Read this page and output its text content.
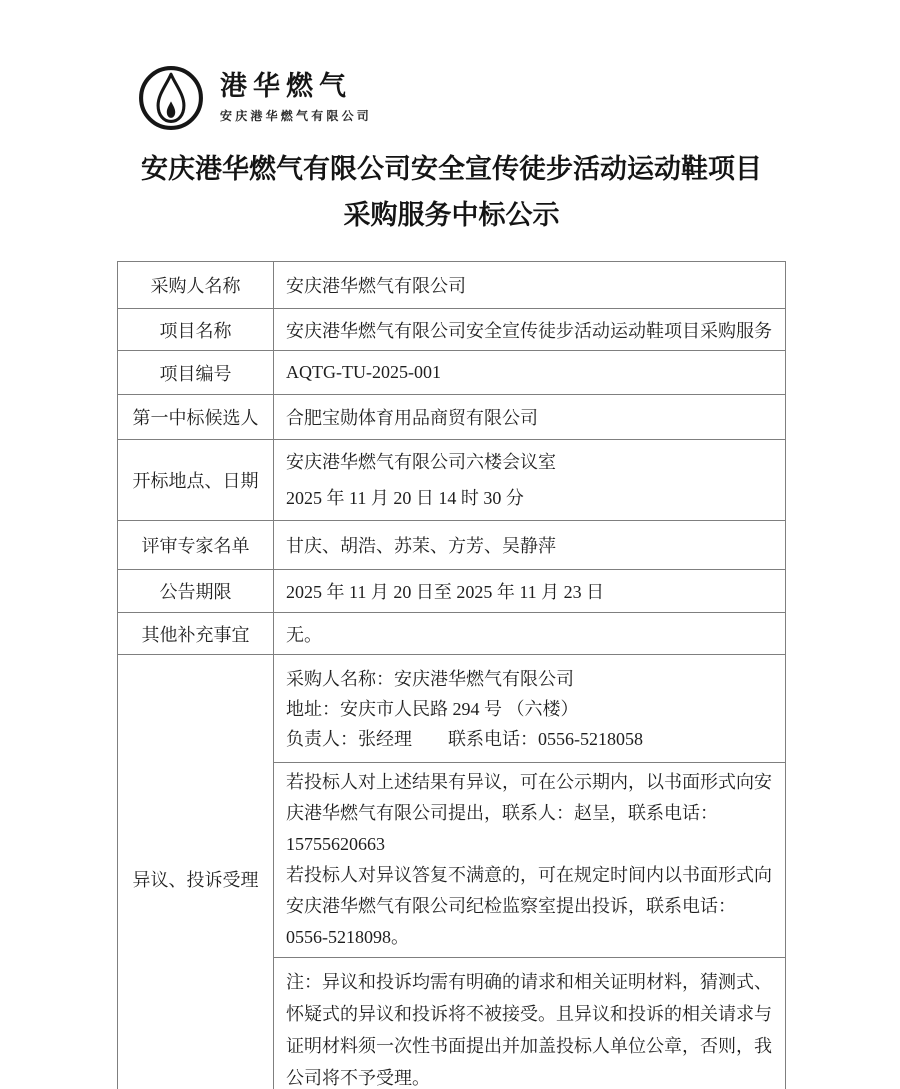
港华燃气
安庆港华燃气有限公司
安庆港华燃气有限公司安全宣传徒步活动运动鞋项目
采购服务中标公示
采购人名称	安庆港华燃气有限公司
项目名称	安庆港华燃气有限公司安全宣传徒步活动运动鞋项目采购服务
项目编号	AQTG-TU-2025-001
第一中标候选人	合肥宝勋体育用品商贸有限公司
开标地点、日期	安庆港华燃气有限公司六楼会议室

2025 年 11 月 20 日 14 时 30 分

评审专家名单	甘庆、胡浩、苏茉、方芳、吴静萍
公告期限	2025 年 11 月 20 日至 2025 年 11 月 23 日
其他补充事宜	无。
异议、投诉受理	采购人名称：安庆港华燃气有限公司

地址：安庆市人民路 294 号 （六楼）

负责人：张经理　　联系电话：0556-5218058

	若投标人对上述结果有异议，可在公示期内，以书面形式向安庆港华燃气有限公司提出，联系人：赵呈，联系电话：15755620663

若投标人对异议答复不满意的，可在规定时间内以书面形式向安庆港华燃气有限公司纪检监察室提出投诉，联系电话：0556-5218098。

	注：异议和投诉均需有明确的请求和相关证明材料，猜测式、怀疑式的异议和投诉将不被接受。且异议和投诉的相关请求与证明材料须一次性书面提出并加盖投标人单位公章，否则，我公司将不予受理。
